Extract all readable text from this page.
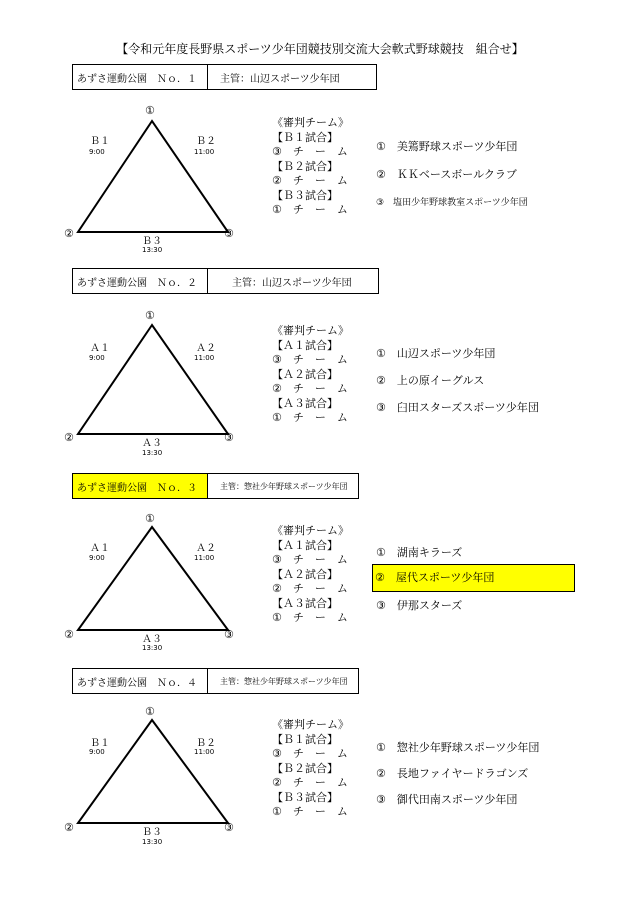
【令和元年度長野県スポーツ少年団競技別交流大会軟式野球競技　組合せ】
あずさ運動公園　Ｎｏ．１	主管：山辺スポーツ少年団
①
②	③
Ｂ１
9:00
Ｂ２
11:00
Ｂ３
13:30
《審判チーム》
【Ｂ１試合】
③　チ　ー　ム
【Ｂ２試合】
②　チ　ー　ム
【Ｂ３試合】
①　チ　ー　ム
①　美篶野球スポーツ少年団
②　ＫＫベースボールクラブ
③　塩田少年野球教室スポーツ少年団
あずさ運動公園　Ｎｏ．２	主管：山辺スポーツ少年団
①
②	③
Ａ１
9:00
Ａ２
11:00
Ａ３
13:30
《審判チーム》
【Ａ１試合】
③　チ　ー　ム
【Ａ２試合】
②　チ　ー　ム
【Ａ３試合】
①　チ　ー　ム
①　山辺スポーツ少年団
②　上の原イーグルス
③　臼田スターズスポーツ少年団
あずさ運動公園　Ｎｏ．３	主管：惣社少年野球スポーツ少年団
①
②	③
Ａ１
9:00
Ａ２
11:00
Ａ３
13:30
《審判チーム》
【Ａ１試合】
③　チ　ー　ム
【Ａ２試合】
②　チ　ー　ム
【Ａ３試合】
①　チ　ー　ム
①　湖南キラーズ
②　屋代スポーツ少年団
③　伊那スターズ
あずさ運動公園　Ｎｏ．４	主管：惣社少年野球スポーツ少年団
①
②	③
Ｂ１
9:00
Ｂ２
11:00
Ｂ３
13:30
《審判チーム》
【Ｂ１試合】
③　チ　ー　ム
【Ｂ２試合】
②　チ　ー　ム
【Ｂ３試合】
①　チ　ー　ム
①　惣社少年野球スポーツ少年団
②　長地ファイヤードラゴンズ
③　御代田南スポーツ少年団
